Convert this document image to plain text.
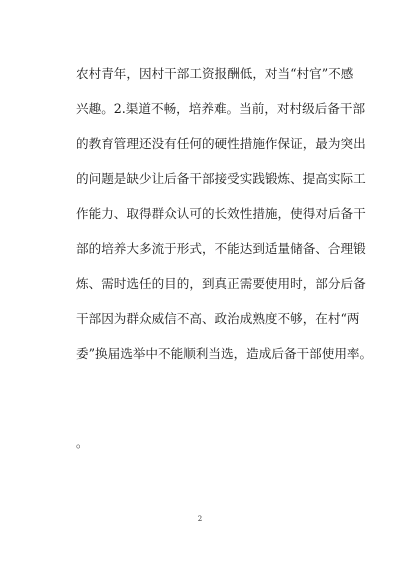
农村青年，因村干部工资报酬低，对当“村官”不感
兴趣。2.渠道不畅，培养难。当前，对村级后备干部
的教育管理还没有任何的硬性措施作保证，最为突出
的问题是缺少让后备干部接受实践锻炼、提高实际工
作能力、取得群众认可的长效性措施，使得对后备干
部的培养大多流于形式，不能达到适量储备、合理锻
炼、需时选任的目的，到真正需要使用时，部分后备
干部因为群众威信不高、政治成熟度不够，在村“两
委”换届选举中不能顺利当选，造成后备干部使用率。
。
2
